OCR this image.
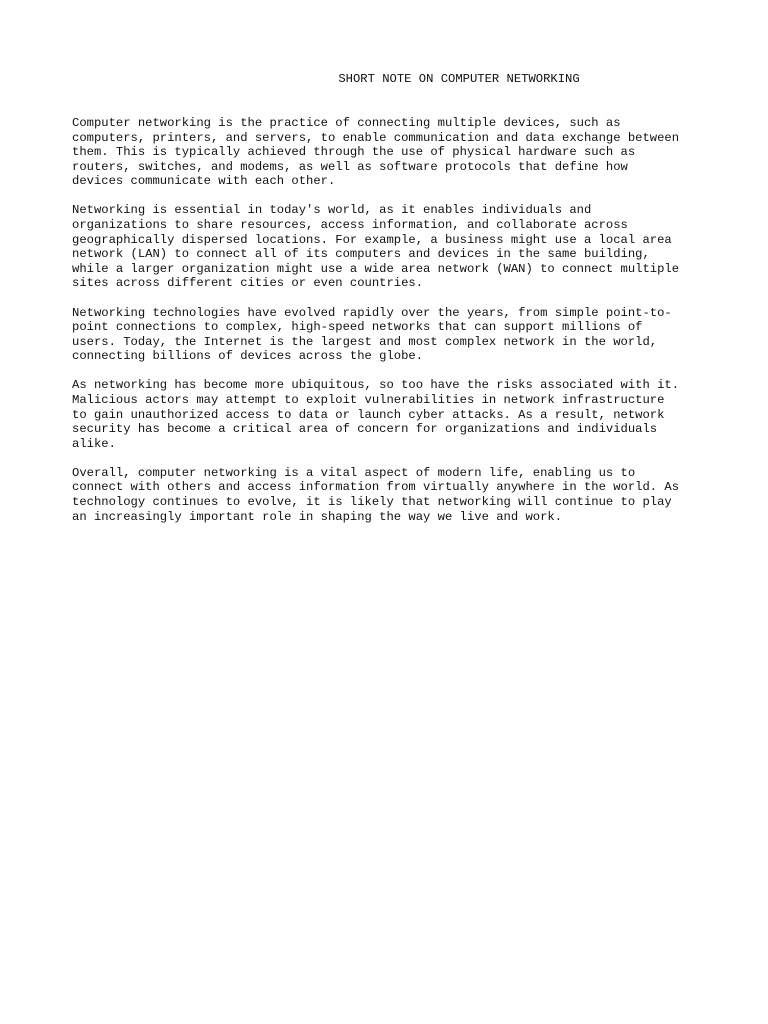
SHORT NOTE ON COMPUTER NETWORKING

Computer networking is the practice of connecting multiple devices, such as
computers, printers, and servers, to enable communication and data exchange between
them. This is typically achieved through the use of physical hardware such as
routers, switches, and modems, as well as software protocols that define how
devices communicate with each other.

Networking is essential in today's world, as it enables individuals and
organizations to share resources, access information, and collaborate across
geographically dispersed locations. For example, a business might use a local area
network (LAN) to connect all of its computers and devices in the same building,
while a larger organization might use a wide area network (WAN) to connect multiple
sites across different cities or even countries.

Networking technologies have evolved rapidly over the years, from simple point-to-
point connections to complex, high-speed networks that can support millions of
users. Today, the Internet is the largest and most complex network in the world,
connecting billions of devices across the globe.

As networking has become more ubiquitous, so too have the risks associated with it.
Malicious actors may attempt to exploit vulnerabilities in network infrastructure
to gain unauthorized access to data or launch cyber attacks. As a result, network
security has become a critical area of concern for organizations and individuals
alike.

Overall, computer networking is a vital aspect of modern life, enabling us to
connect with others and access information from virtually anywhere in the world. As
technology continues to evolve, it is likely that networking will continue to play
an increasingly important role in shaping the way we live and work.
